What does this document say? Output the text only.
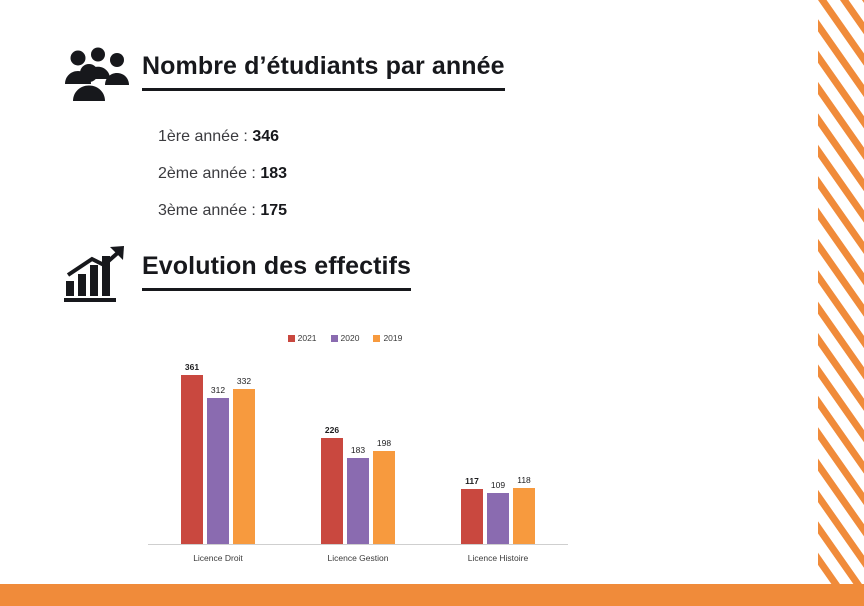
Nombre d’étudiants par année
1ère année : 346
2ème année : 183
3ème année : 175
Evolution des effectifs
2021	2020	2019
361
312
332
226
183
198
117 109 118
Licence Droit	Licence Gestion	Licence Histoire
